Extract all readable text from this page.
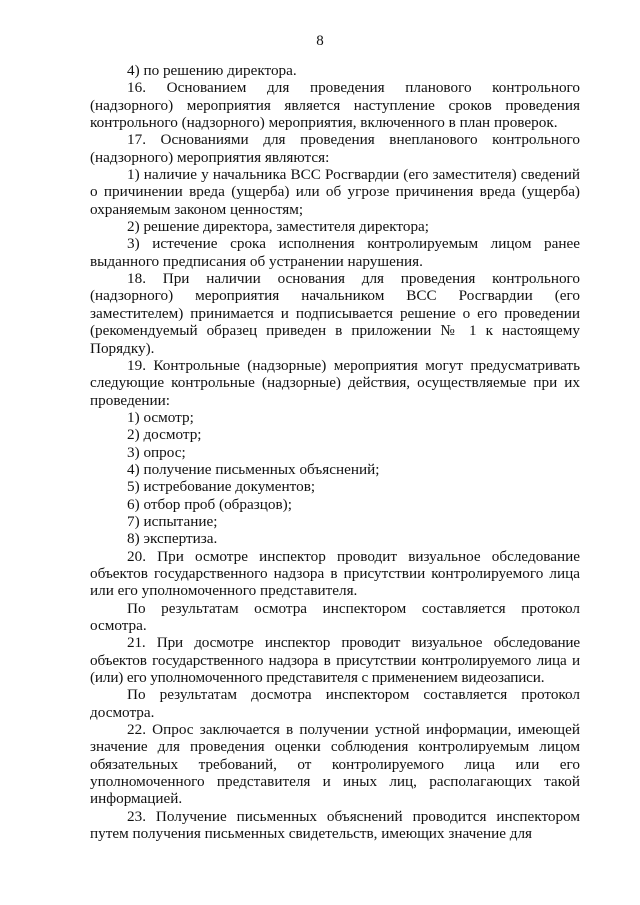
8

4) по решению директора.

16. Основанием для проведения планового контрольного (надзорного) мероприятия является наступление сроков проведения контрольного (надзорного) мероприятия, включенного в план проверок.

17. Основаниями для проведения внепланового контрольного (надзорного) мероприятия являются:

1) наличие у начальника ВСС Росгвардии (его заместителя) сведений о причинении вреда (ущерба) или об угрозе причинения вреда (ущерба) охраняемым законом ценностям;

2) решение директора, заместителя директора;

3) истечение срока исполнения контролируемым лицом ранее выданного предписания об устранении нарушения.

18. При наличии основания для проведения контрольного (надзорного) мероприятия начальником ВСС Росгвардии (его заместителем) принимается и подписывается решение о его проведении (рекомендуемый образец приведен в приложении № 1 к настоящему Порядку).

19. Контрольные (надзорные) мероприятия могут предусматривать следующие контрольные (надзорные) действия, осуществляемые при их проведении:

1) осмотр;

2) досмотр;

3) опрос;

4) получение письменных объяснений;

5) истребование документов;

6) отбор проб (образцов);

7) испытание;

8) экспертиза.

20. При осмотре инспектор проводит визуальное обследование объектов государственного надзора в присутствии контролируемого лица или его уполномоченного представителя.

По результатам осмотра инспектором составляется протокол осмотра.

21. При досмотре инспектор проводит визуальное обследование объектов государственного надзора в присутствии контролируемого лица и (или) его уполномоченного представителя с применением видеозаписи.

По результатам досмотра инспектором составляется протокол досмотра.

22. Опрос заключается в получении устной информации, имеющей значение для проведения оценки соблюдения контролируемым лицом обязательных требований, от контролируемого лица или его уполномоченного представителя и иных лиц, располагающих такой информацией.

23. Получение письменных объяснений проводится инспектором путем получения письменных свидетельств, имеющих значение для
